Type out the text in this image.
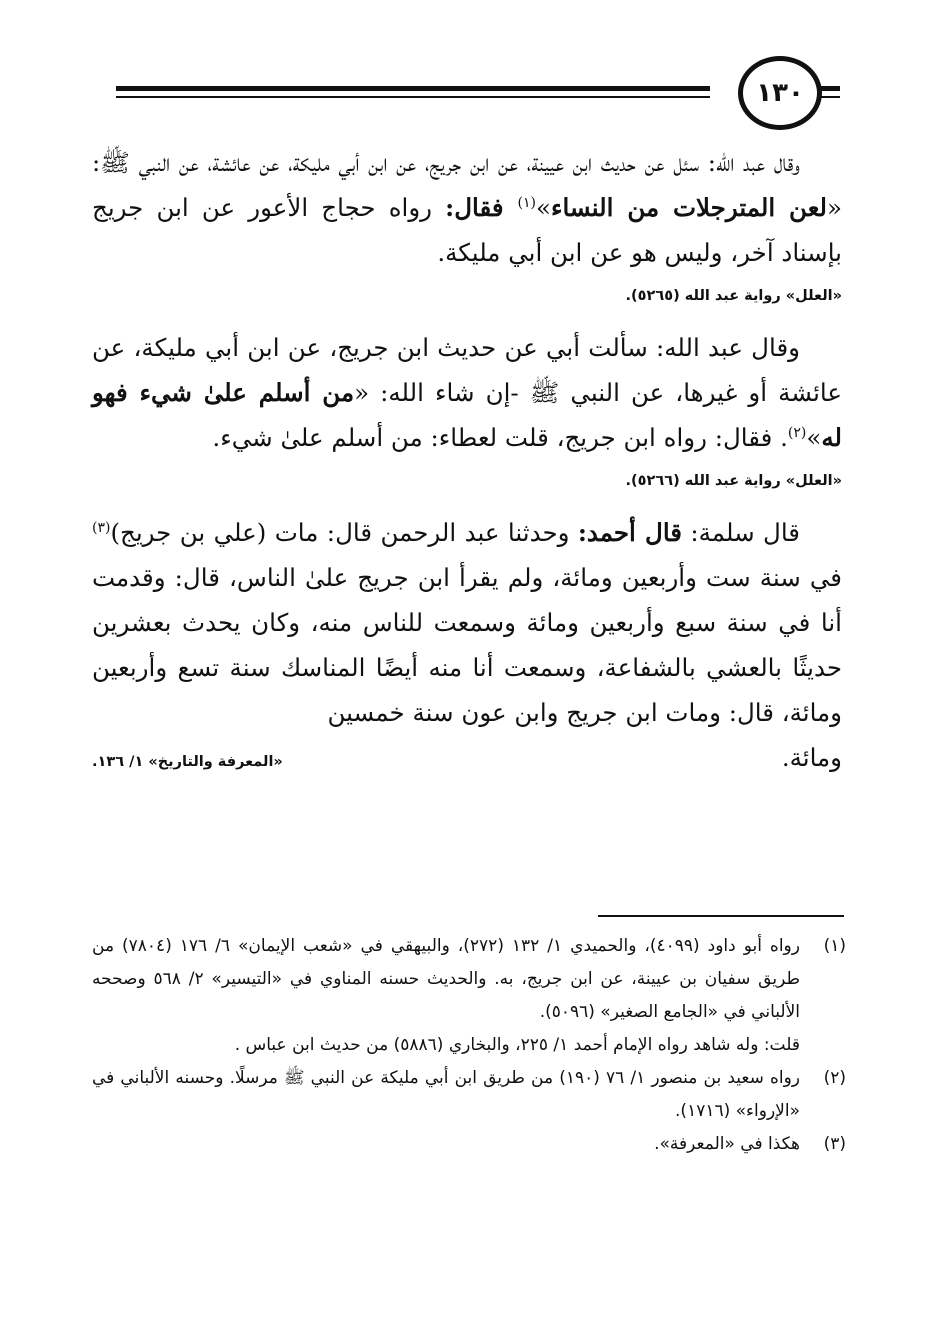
١٣٠

وقال عبد الله: سئل عن حديث ابن عيينة، عن ابن جريج، عن ابن أبي مليكة، عن عائشة، عن النبي ﷺ: «لعن المترجلات من النساء»$^{(١)}$ فقال: رواه حجاج الأعور عن ابن جريج بإسناد آخر، وليس هو عن ابن أبي مليكة.

«العلل» رواية عبد الله (٥٢٦٥).

وقال عبد الله: سألت أبي عن حديث ابن جريج، عن ابن أبي مليكة، عن عائشة أو غيرها، عن النبي ﷺ -إن شاء الله: «من أسلم علىٰ شيء فهو له»$^{(٢)}$. فقال: رواه ابن جريج، قلت لعطاء: من أسلم علىٰ شيء.

«العلل» رواية عبد الله (٥٢٦٦).

قال سلمة: قال أحمد: وحدثنا عبد الرحمن قال: مات (علي بن جريج)$^{(٣)}$ في سنة ست وأربعين ومائة، ولم يقرأ ابن جريج علىٰ الناس، قال: وقدمت أنا في سنة سبع وأربعين ومائة وسمعت للناس منه، وكان يحدث بعشرين حديثًا بالعشي بالشفاعة، وسمعت أنا منه أيضًا المناسك سنة تسع وأربعين ومائة، قال: ومات ابن جريج وابن عون سنة خمسين

ومائة.
«المعرفة والتاريخ» ١/ ١٣٦.
(١)
رواه أبو داود (٤٠٩٩)، والحميدي ١/ ١٣٢ (٢٧٢)، والبيهقي في «شعب الإيمان» ٦/ ١٧٦ (٧٨٠٤) من طريق سفيان بن عيينة، عن ابن جريج، به. والحديث حسنه المناوي في «التيسير» ٢/ ٥٦٨ وصححه الألباني في «الجامع الصغير» (٥٠٩٦).
قلت: وله شاهد رواه الإمام أحمد ١/ ٢٢٥، والبخاري (٥٨٨٦) من حديث ابن عباس .
(٢)
رواه سعيد بن منصور ١/ ٧٦ (١٩٠) من طريق ابن أبي مليكة عن النبي ﷺ مرسلًا. وحسنه الألباني في «الإرواء» (١٧١٦).
(٣)
هكذا في «المعرفة».
